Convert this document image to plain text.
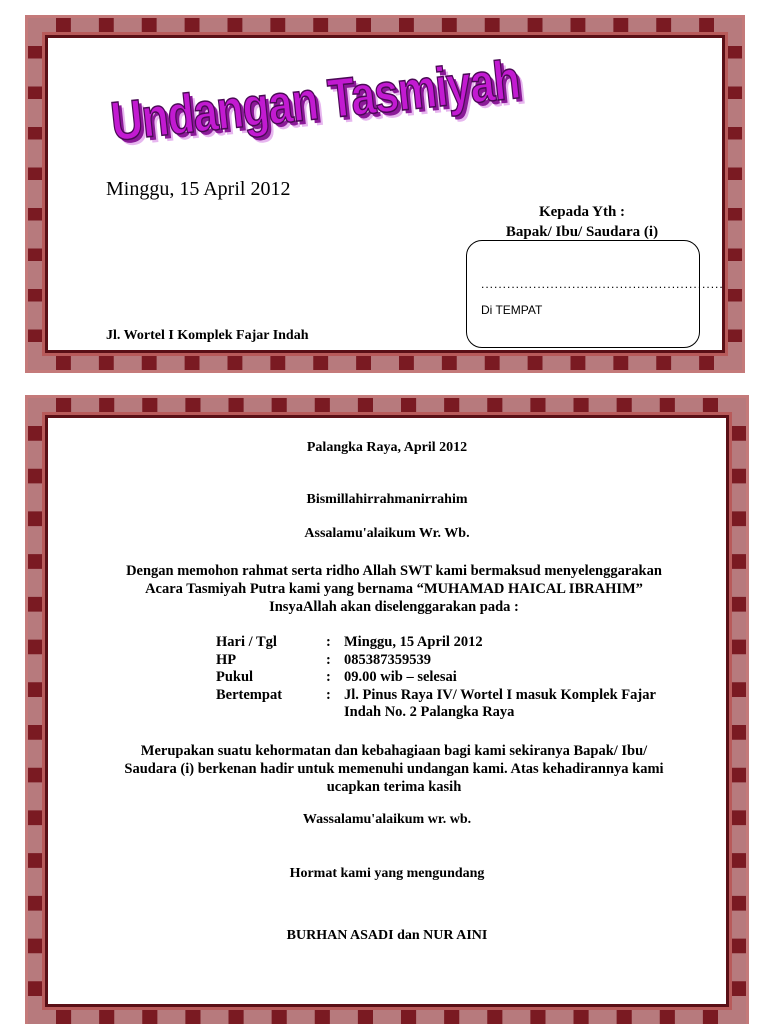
Undangan Tasmiyah
Minggu, 15 April 2012
Kepada Yth :
Bapak/ Ibu/ Saudara (i)
........................................................
Di TEMPAT
Jl. Wortel I Komplek Fajar Indah
Palangka Raya, April 2012
Bismillahirrahmanirrahim
Assalamu'alaikum Wr. Wb.
Dengan memohon rahmat serta ridho Allah SWT kami bermaksud menyelenggarakan
Acara Tasmiyah Putra kami yang bernama “MUHAMAD HAICAL IBRAHIM”
InsyaAllah akan diselenggarakan pada :
Hari / Tgl	: Minggu, 15 April 2012
HP	: 085387359539
Pukul	: 09.00 wib – selesai
Bertempat	: Jl. Pinus Raya IV/ Wortel I masuk Komplek Fajar
Indah No. 2 Palangka Raya
Merupakan suatu kehormatan dan kebahagiaan bagi kami sekiranya Bapak/ Ibu/
Saudara (i) berkenan hadir untuk memenuhi undangan kami. Atas kehadirannya kami
ucapkan terima kasih
Wassalamu'alaikum wr. wb.
Hormat kami yang mengundang
BURHAN ASADI dan NUR AINI
